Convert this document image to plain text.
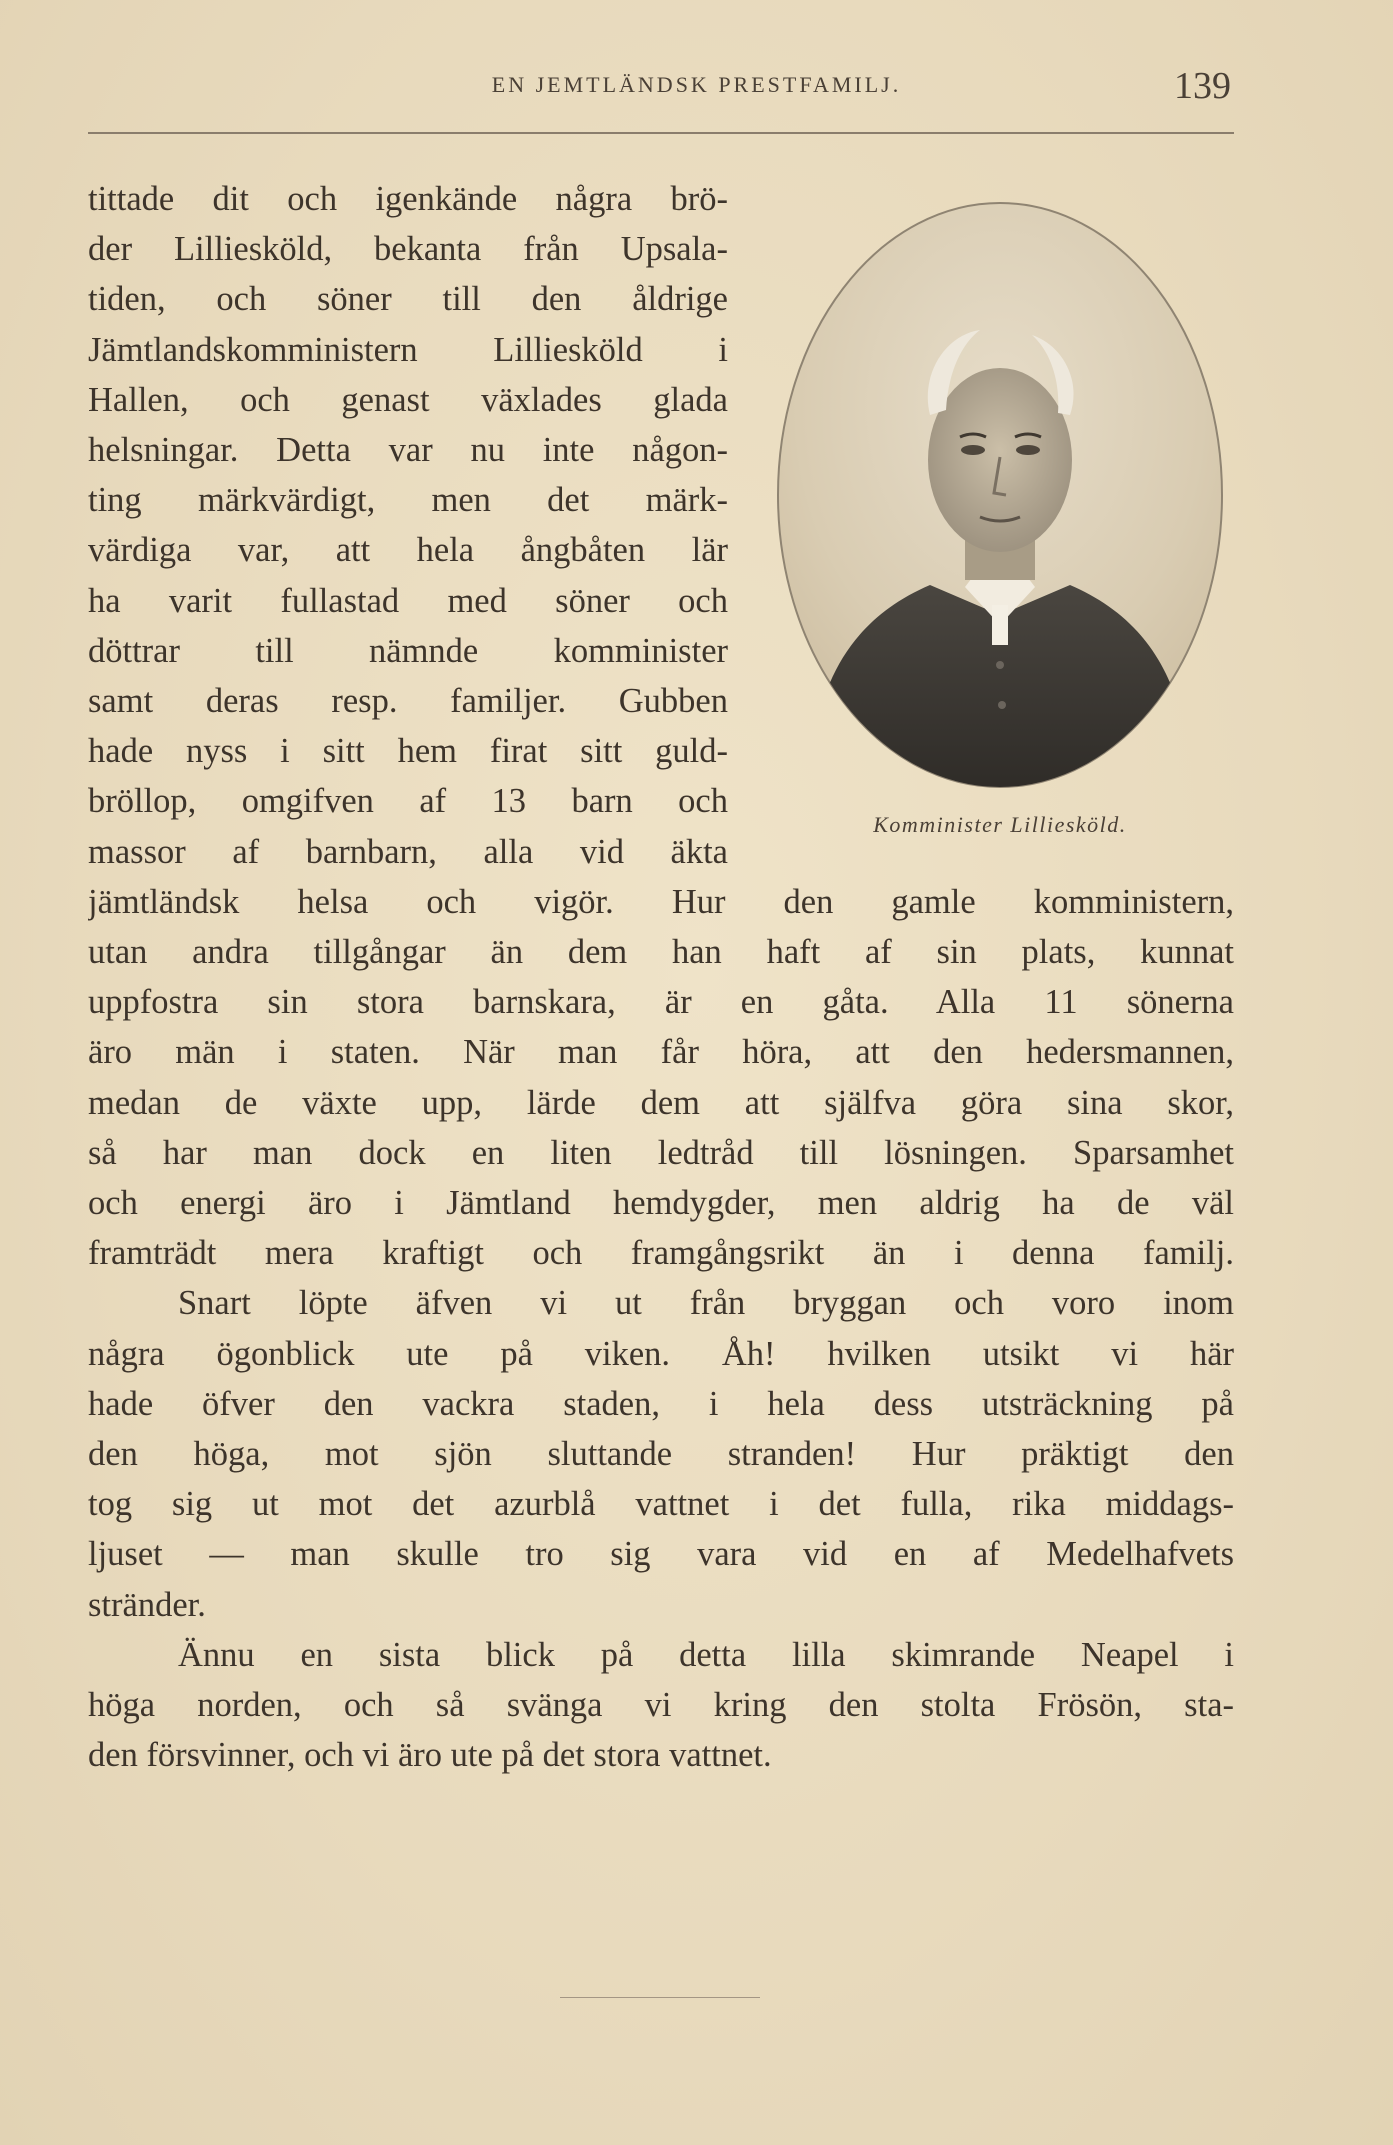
EN JEMTLÄNDSK PRESTFAMILJ.	139
tittade dit och igenkände några brö-
der Lilliesköld, bekanta från Upsala-
tiden, och söner till den åldrige
Jämtlandskomministern Lilliesköld i
Hallen, och genast växlades glada
helsningar. Detta var nu inte någon-
ting märkvärdigt, men det märk-
värdiga var, att hela ångbåten lär
ha varit fullastad med söner och
döttrar till nämnde komminister
samt deras resp. familjer. Gubben
hade nyss i sitt hem firat sitt guld-
bröllop, omgifven af 13 barn och
massor af barnbarn, alla vid äkta
jämtländsk helsa och vigör. Hur den gamle komministern,
utan andra tillgångar än dem han haft af sin plats, kunnat
uppfostra sin stora barnskara, är en gåta. Alla 11 sönerna
äro män i staten. När man får höra, att den hedersmannen,
medan de växte upp, lärde dem att själfva göra sina skor,
så har man dock en liten ledtråd till lösningen. Sparsamhet
och energi äro i Jämtland hemdygder, men aldrig ha de väl
framträdt mera kraftigt och framgångsrikt än i denna familj.
Snart löpte äfven vi ut från bryggan och voro inom
några ögonblick ute på viken. Åh! hvilken utsikt vi här
hade öfver den vackra staden, i hela dess utsträckning på
den höga, mot sjön sluttande stranden! Hur präktigt den
tog sig ut mot det azurblå vattnet i det fulla, rika middags-
ljuset — man skulle tro sig vara vid en af Medelhafvets
stränder.
Ännu en sista blick på detta lilla skimrande Neapel i
höga norden, och så svänga vi kring den stolta Frösön, sta-
den försvinner, och vi äro ute på det stora vattnet.
Komminister Lilliesköld.
